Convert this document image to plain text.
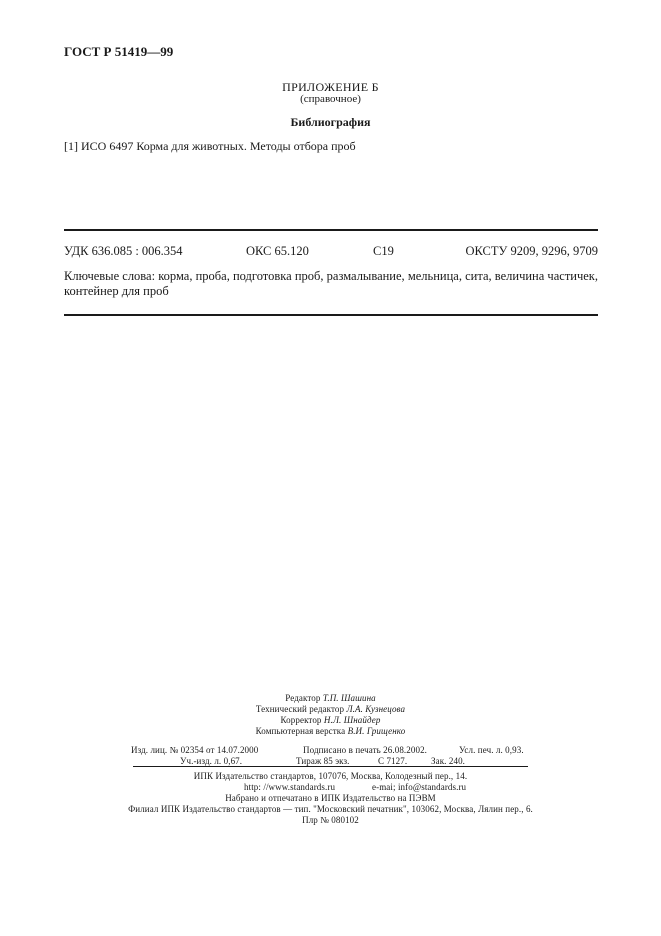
ГОСТ Р 51419—99
ПРИЛОЖЕНИЕ Б
(справочное)
Библиография
[1] ИСО 6497 Корма для животных. Методы отбора проб
УДК 636.085 : 006.354	ОКС 65.120	С19	ОКСТУ 9209, 9296, 9709
Ключевые слова: корма, проба, подготовка проб, размалывание, мельница, сита, величина частичек, контейнер для проб
Редактор Т.П. Шашина
Технический редактор Л.А. Кузнецова
Корректор Н.Л. Шнайдер
Компьютерная верстка В.И. Грищенко
Изд. лиц. № 02354 от 14.07.2000	Подписано в печать 26.08.2002.	Усл. печ. л. 0,93.
Уч.-изд. л. 0,67.	Тираж 85 экз.	С 7127.	Зак. 240.
ИПК Издательство стандартов, 107076, Москва, Колодезный пер., 14.
http: //www.standards.ru	e-mai; info@standards.ru
Набрано и отпечатано в ИПК Издательство на ПЭВМ
Филиал ИПК Издательство стандартов — тип. "Московский печатник", 103062, Москва, Лялин пер., 6.
Плр № 080102
